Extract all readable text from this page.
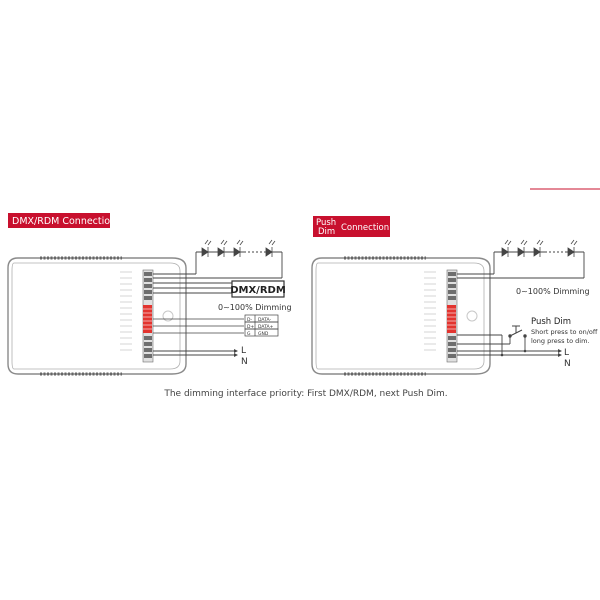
DMX/RDM Connection
DMX/RDM
0~100% Dimming
D- DATA-
D+ DATA+
G GND
L
N
Push
Dim Connection
0~100% Dimming
Push Dim
Short press to on/off
long press to dim.
L
N
The dimming interface priority: First DMX/RDM, next Push Dim.
